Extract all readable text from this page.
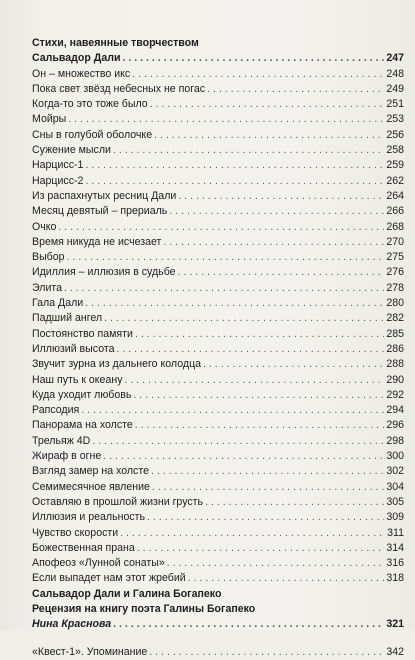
Стихи, навеянные творчеством
Сальвадор Дали . . .	247
Он – множество икс . . .	248
Пока свет звёзд небесных не погас . . .	249
Когда-то это тоже было . . .	251
Мойры . . .	253
Сны в голубой оболочке . . .	256
Сужение мысли . . .	258
Нарцисс-1 . . .	259
Нарцисс-2 . . .	262
Из распахнутых ресниц Дали . . .	264
Месяц девятый – прериаль . . .	266
Очко . . .	268
Время никуда не исчезает . . .	270
Выбор . . .	275
Идиллия – иллюзия в судьбе . . .	276
Элита . . .	278
Гала Дали . . .	280
Падший ангел . . .	282
Постоянство памяти . . .	285
Иллюзий высота . . .	286
Звучит зурна из дальнего колодца . . .	288
Наш путь к океану . . .	290
Куда уходит любовь . . .	292
Рапсодия . . .	294
Панорама на холсте . . .	296
Трельяж 4D . . .	298
Жираф в огне . . .	300
Взгляд замер на холсте . . .	302
Семимесячное явление . . .	304
Оставляю в прошлой жизни грусть . . .	305
Иллюзия и реальность . . .	309
Чувство скорости . . .	311
Божественная прана . . .	314
Апофеоз «Лунной сонаты» . . .	316
Если выпадет нам этот жребий . . .	318
Сальвадор Дали и Галина Богапеко
Рецензия на книгу поэта Галины Богапеко
Нина Краснова . . .	321
«Квест-1». Упоминание . . .	342
